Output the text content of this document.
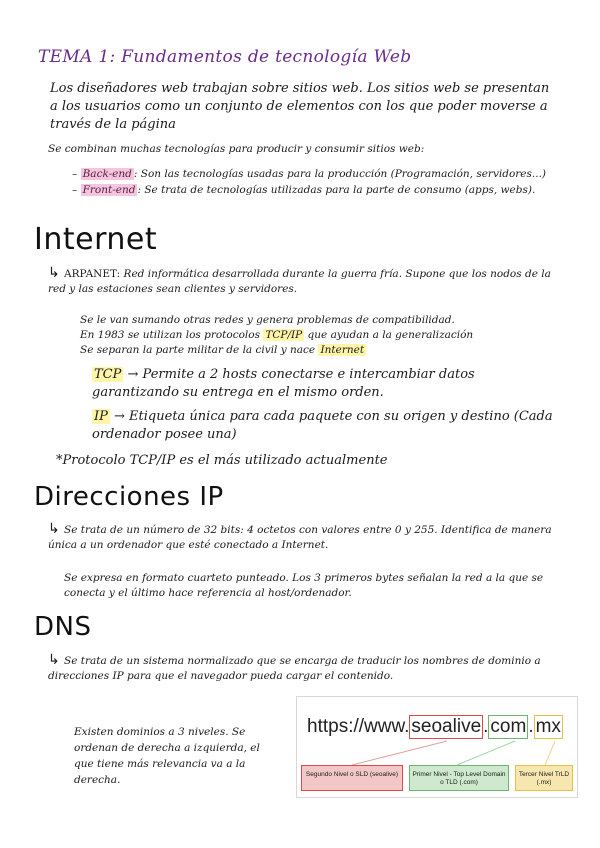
TEMA 1: Fundamentos de tecnología Web
Los diseñadores web trabajan sobre sitios web. Los sitios web se presentan a los usuarios como un conjunto de elementos con los que poder moverse a través de la página
Se combinan muchas tecnologías para producir y consumir sitios web:
– Back-end : Son las tecnologías usadas para la producción (Programación, servidores...)
– Front-end : Se trata de tecnologías utilizadas para la parte de consumo (apps, webs).
Internet
↳ ARPANET: Red informática desarrollada durante la guerra fría. Supone que los nodos de la red y las estaciones sean clientes y servidores.
Se le van sumando otras redes y genera problemas de compatibilidad.
En 1983 se utilizan los protocolos TCP/IP que ayudan a la generalización
Se separan la parte militar de la civil y nace Internet
TCP → Permite a 2 hosts conectarse e intercambiar datos garantizando su entrega en el mismo orden.
IP → Etiqueta única para cada paquete con su origen y destino (Cada ordenador posee una)
*Protocolo TCP/IP es el más utilizado actualmente
Direcciones IP
↳ Se trata de un número de 32 bits: 4 octetos con valores entre 0 y 255. Identifica de manera única a un ordenador que esté conectado a Internet.
Se expresa en formato cuarteto punteado. Los 3 primeros bytes señalan la red a la que se conecta y el último hace referencia al host/ordenador.
DNS
↳ Se trata de un sistema normalizado que se encarga de traducir los nombres de dominio a direcciones IP para que el navegador pueda cargar el contenido.
Existen dominios a 3 niveles. Se ordenan de derecha a izquierda, el que tiene más relevancia va a la derecha.
https://www. seoalive . com . mx
Segundo Nivel o SLD (seoalive)	Primer Nivel - Top Level Domain o TLD (.com)
Tercer Nivel TrLD (.mx)
